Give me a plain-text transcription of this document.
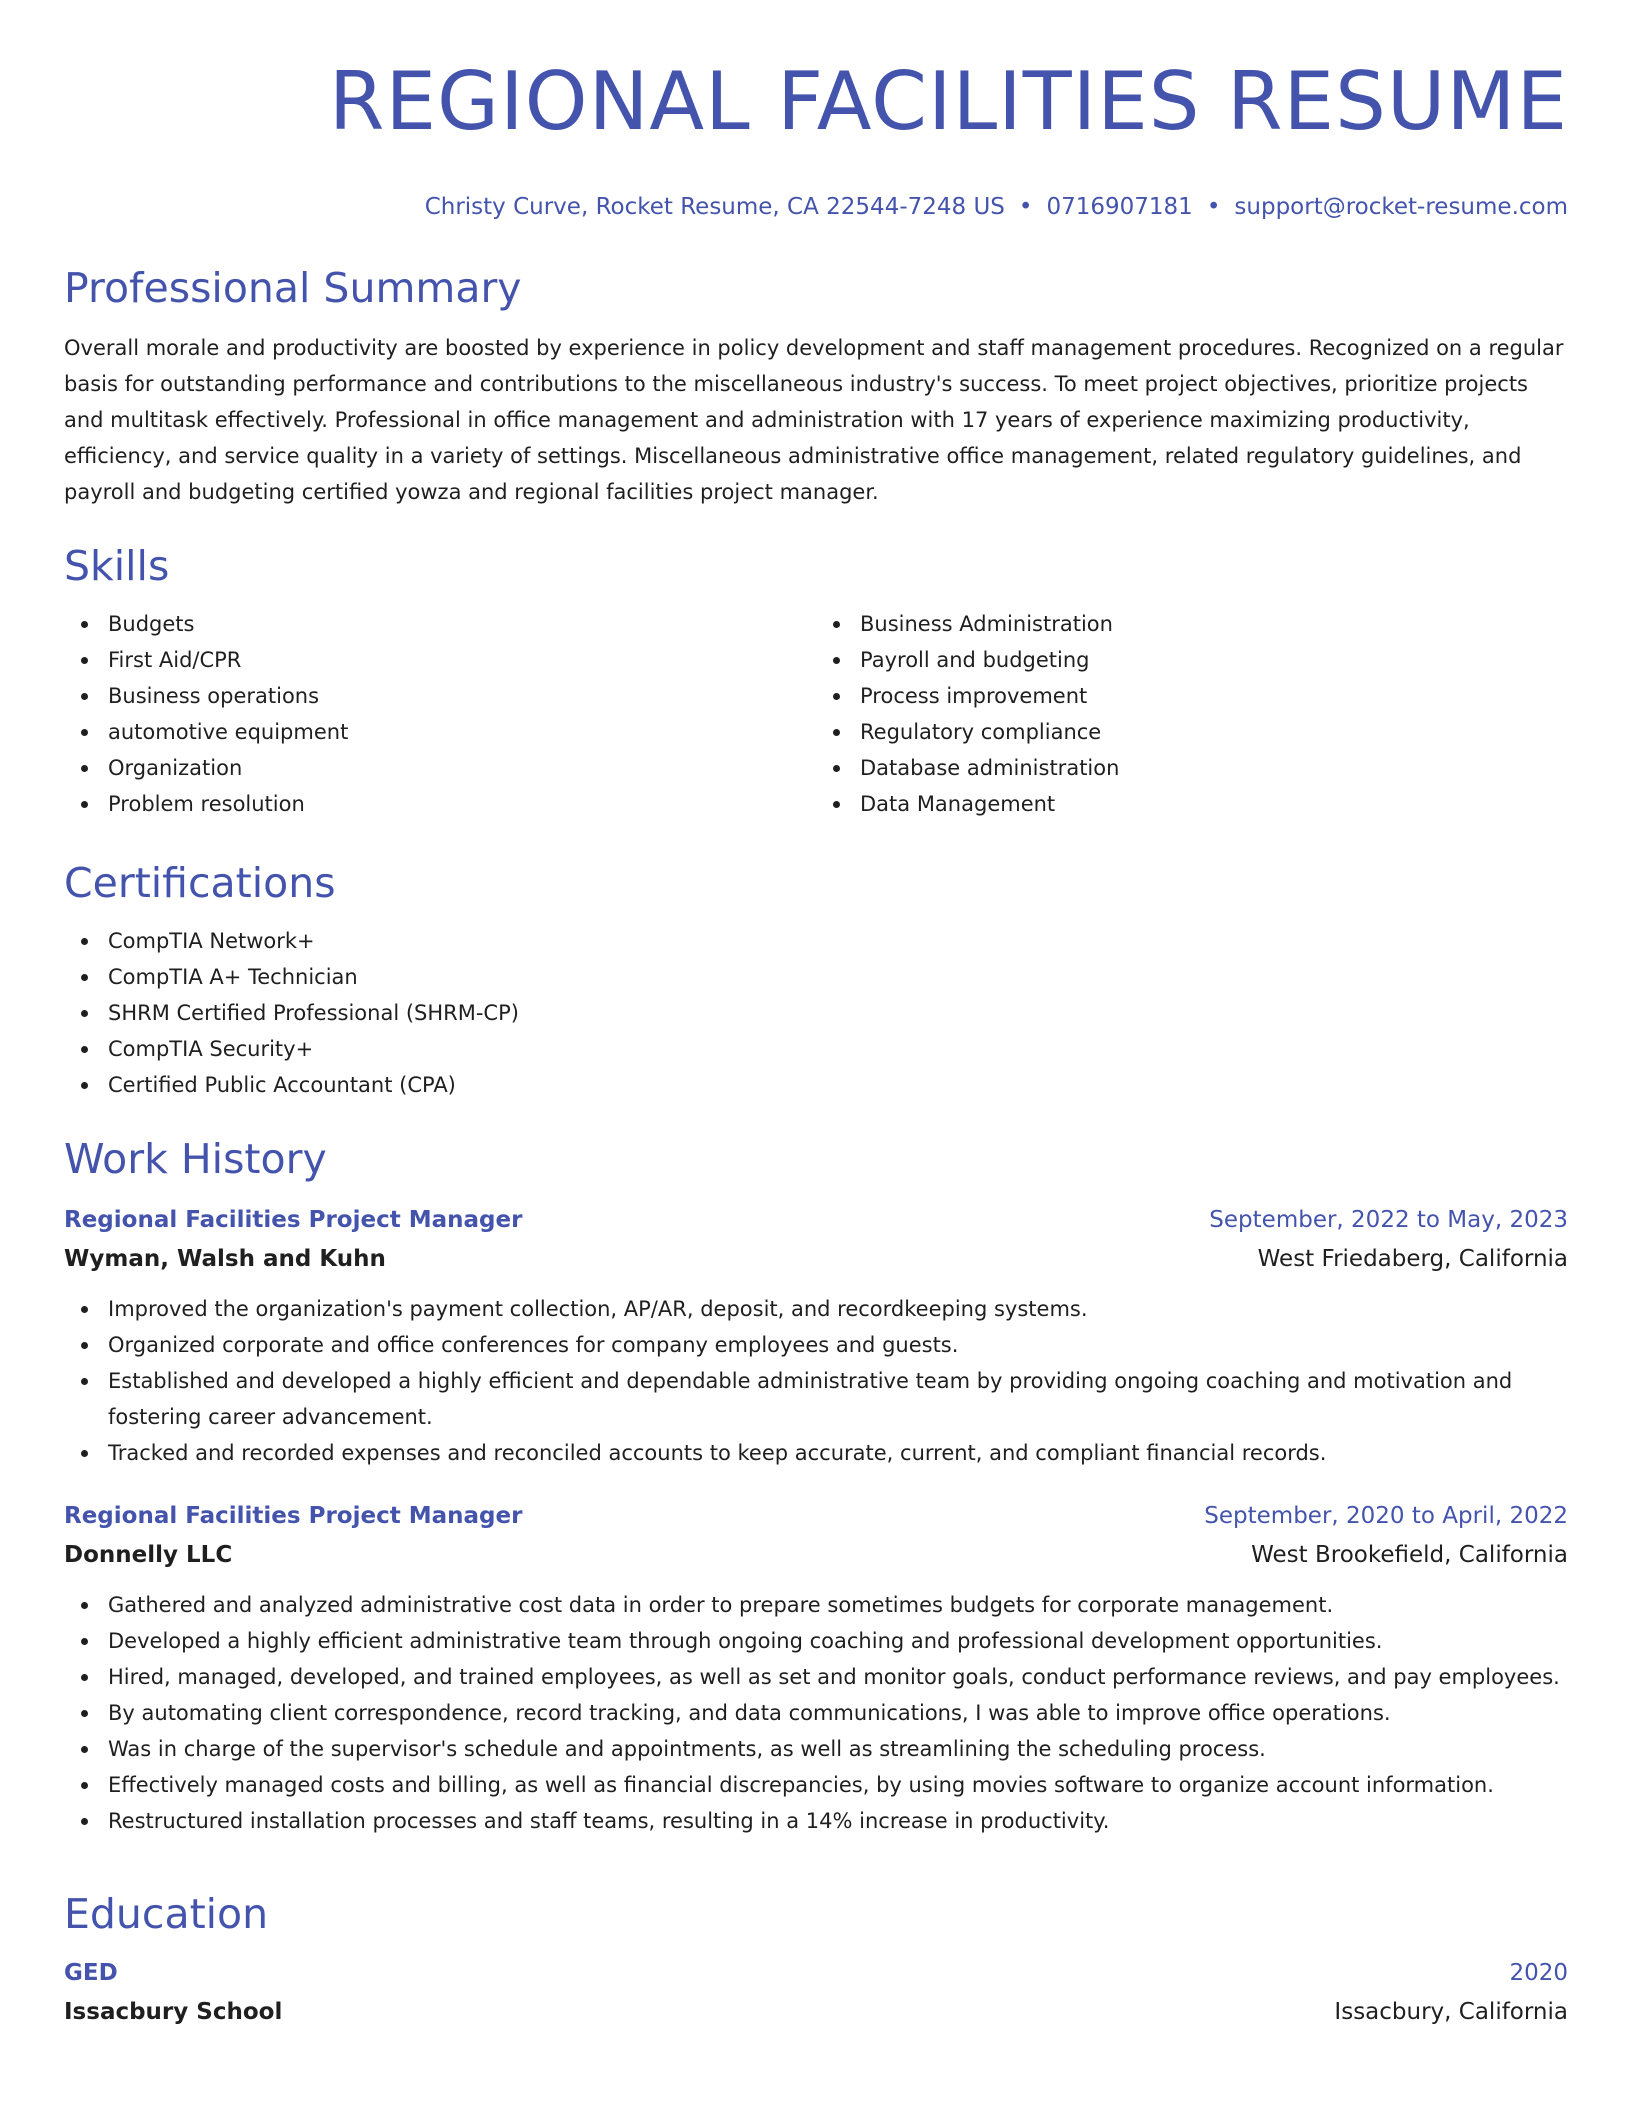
REGIONAL FACILITIES RESUME
Christy Curve, Rocket Resume, CA 22544-7248 US • 0716907181 • support@rocket-resume.com
Professional Summary

Overall morale and productivity are boosted by experience in policy development and staff management procedures. Recognized on a regular basis for outstanding performance and contributions to the miscellaneous industry's success. To meet project objectives, prioritize projects and multitask effectively. Professional in office management and administration with 17 years of experience maximizing productivity, efficiency, and service quality in a variety of settings. Miscellaneous administrative office management, related regulatory guidelines, and payroll and budgeting certified yowza and regional facilities project manager.

Skills
Budgets
First Aid/CPR
Business operations
automotive equipment
Organization
Problem resolution
Business Administration
Payroll and budgeting
Process improvement
Regulatory compliance
Database administration
Data Management
Certifications
CompTIA Network+
CompTIA A+ Technician
SHRM Certified Professional (SHRM-CP)
CompTIA Security+
Certified Public Accountant (CPA)
Work History
Regional Facilities Project Manager	September, 2022 to May, 2023
Wyman, Walsh and Kuhn	West Friedaberg, California
Improved the organization's payment collection, AP/AR, deposit, and recordkeeping systems.
Organized corporate and office conferences for company employees and guests.
Established and developed a highly efficient and dependable administrative team by providing ongoing coaching and motivation and fostering career advancement.
Tracked and recorded expenses and reconciled accounts to keep accurate, current, and compliant financial records.
Regional Facilities Project Manager	September, 2020 to April, 2022
Donnelly LLC	West Brookefield, California
Gathered and analyzed administrative cost data in order to prepare sometimes budgets for corporate management.
Developed a highly efficient administrative team through ongoing coaching and professional development opportunities.
Hired, managed, developed, and trained employees, as well as set and monitor goals, conduct performance reviews, and pay employees.
By automating client correspondence, record tracking, and data communications, I was able to improve office operations.
Was in charge of the supervisor's schedule and appointments, as well as streamlining the scheduling process.
Effectively managed costs and billing, as well as financial discrepancies, by using movies software to organize account information.
Restructured installation processes and staff teams, resulting in a 14% increase in productivity.
Education
GED	2020
Issacbury School	Issacbury, California
